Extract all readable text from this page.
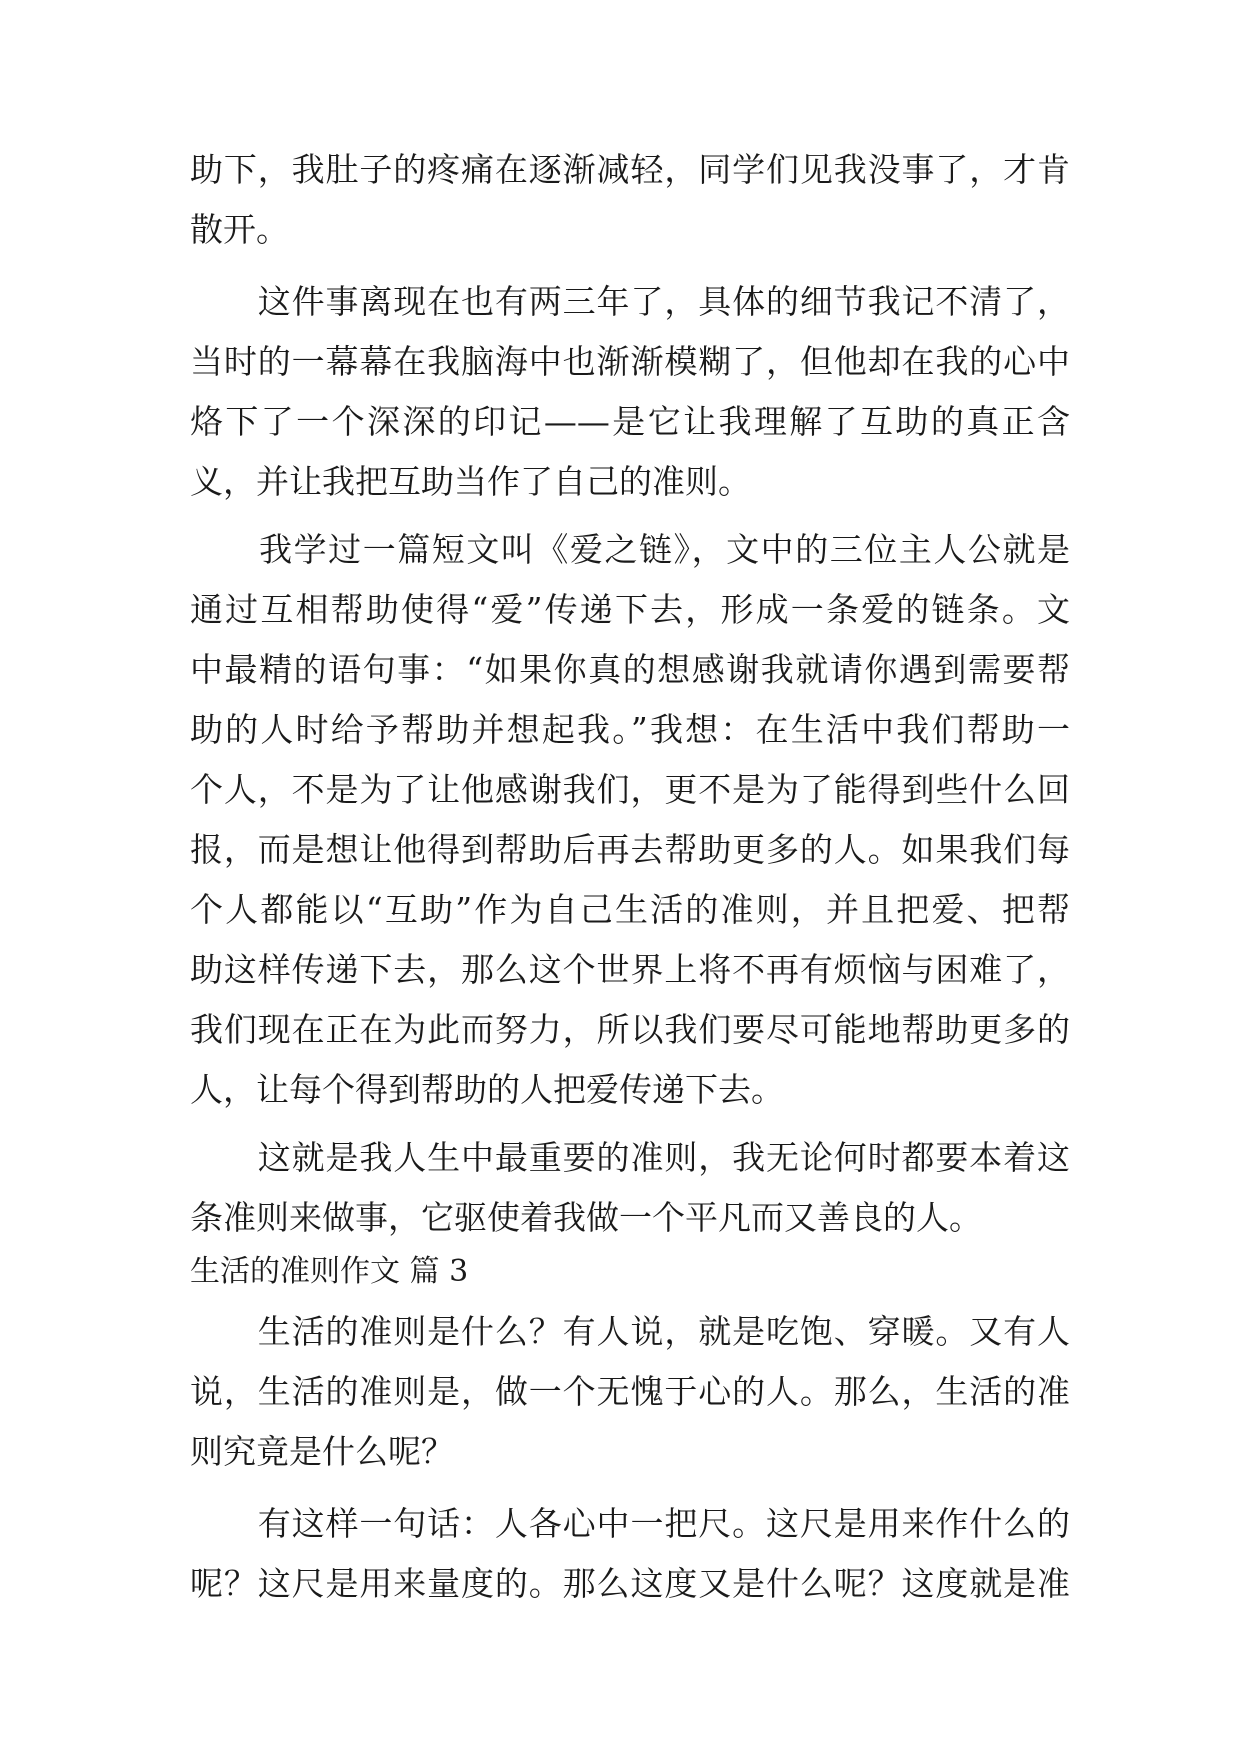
助下，我肚子的疼痛在逐渐减轻，同学们见我没事了，才肯
散开。
　　这件事离现在也有两三年了，具体的细节我记不清了，
当时的一幕幕在我脑海中也渐渐模糊了，但他却在我的心中
烙下了一个深深的印记——是它让我理解了互助的真正含
义，并让我把互助当作了自己的准则。
　　我学过一篇短文叫《爱之链》，文中的三位主人公就是
通过互相帮助使得“爱”传递下去，形成一条爱的链条。文
中最精的语句事：“如果你真的想感谢我就请你遇到需要帮
助的人时给予帮助并想起我。”我想：在生活中我们帮助一
个人，不是为了让他感谢我们，更不是为了能得到些什么回
报，而是想让他得到帮助后再去帮助更多的人。如果我们每
个人都能以“互助”作为自己生活的准则，并且把爱、把帮
助这样传递下去，那么这个世界上将不再有烦恼与困难了，
我们现在正在为此而努力，所以我们要尽可能地帮助更多的
人，让每个得到帮助的人把爱传递下去。
　　这就是我人生中最重要的准则，我无论何时都要本着这
条准则来做事，它驱使着我做一个平凡而又善良的人。
生活的准则作文 篇 3
　　生活的准则是什么？有人说，就是吃饱、穿暖。又有人
说，生活的准则是，做一个无愧于心的人。那么，生活的准
则究竟是什么呢？
　　有这样一句话：人各心中一把尺。这尺是用来作什么的
呢？这尺是用来量度的。那么这度又是什么呢？这度就是准
